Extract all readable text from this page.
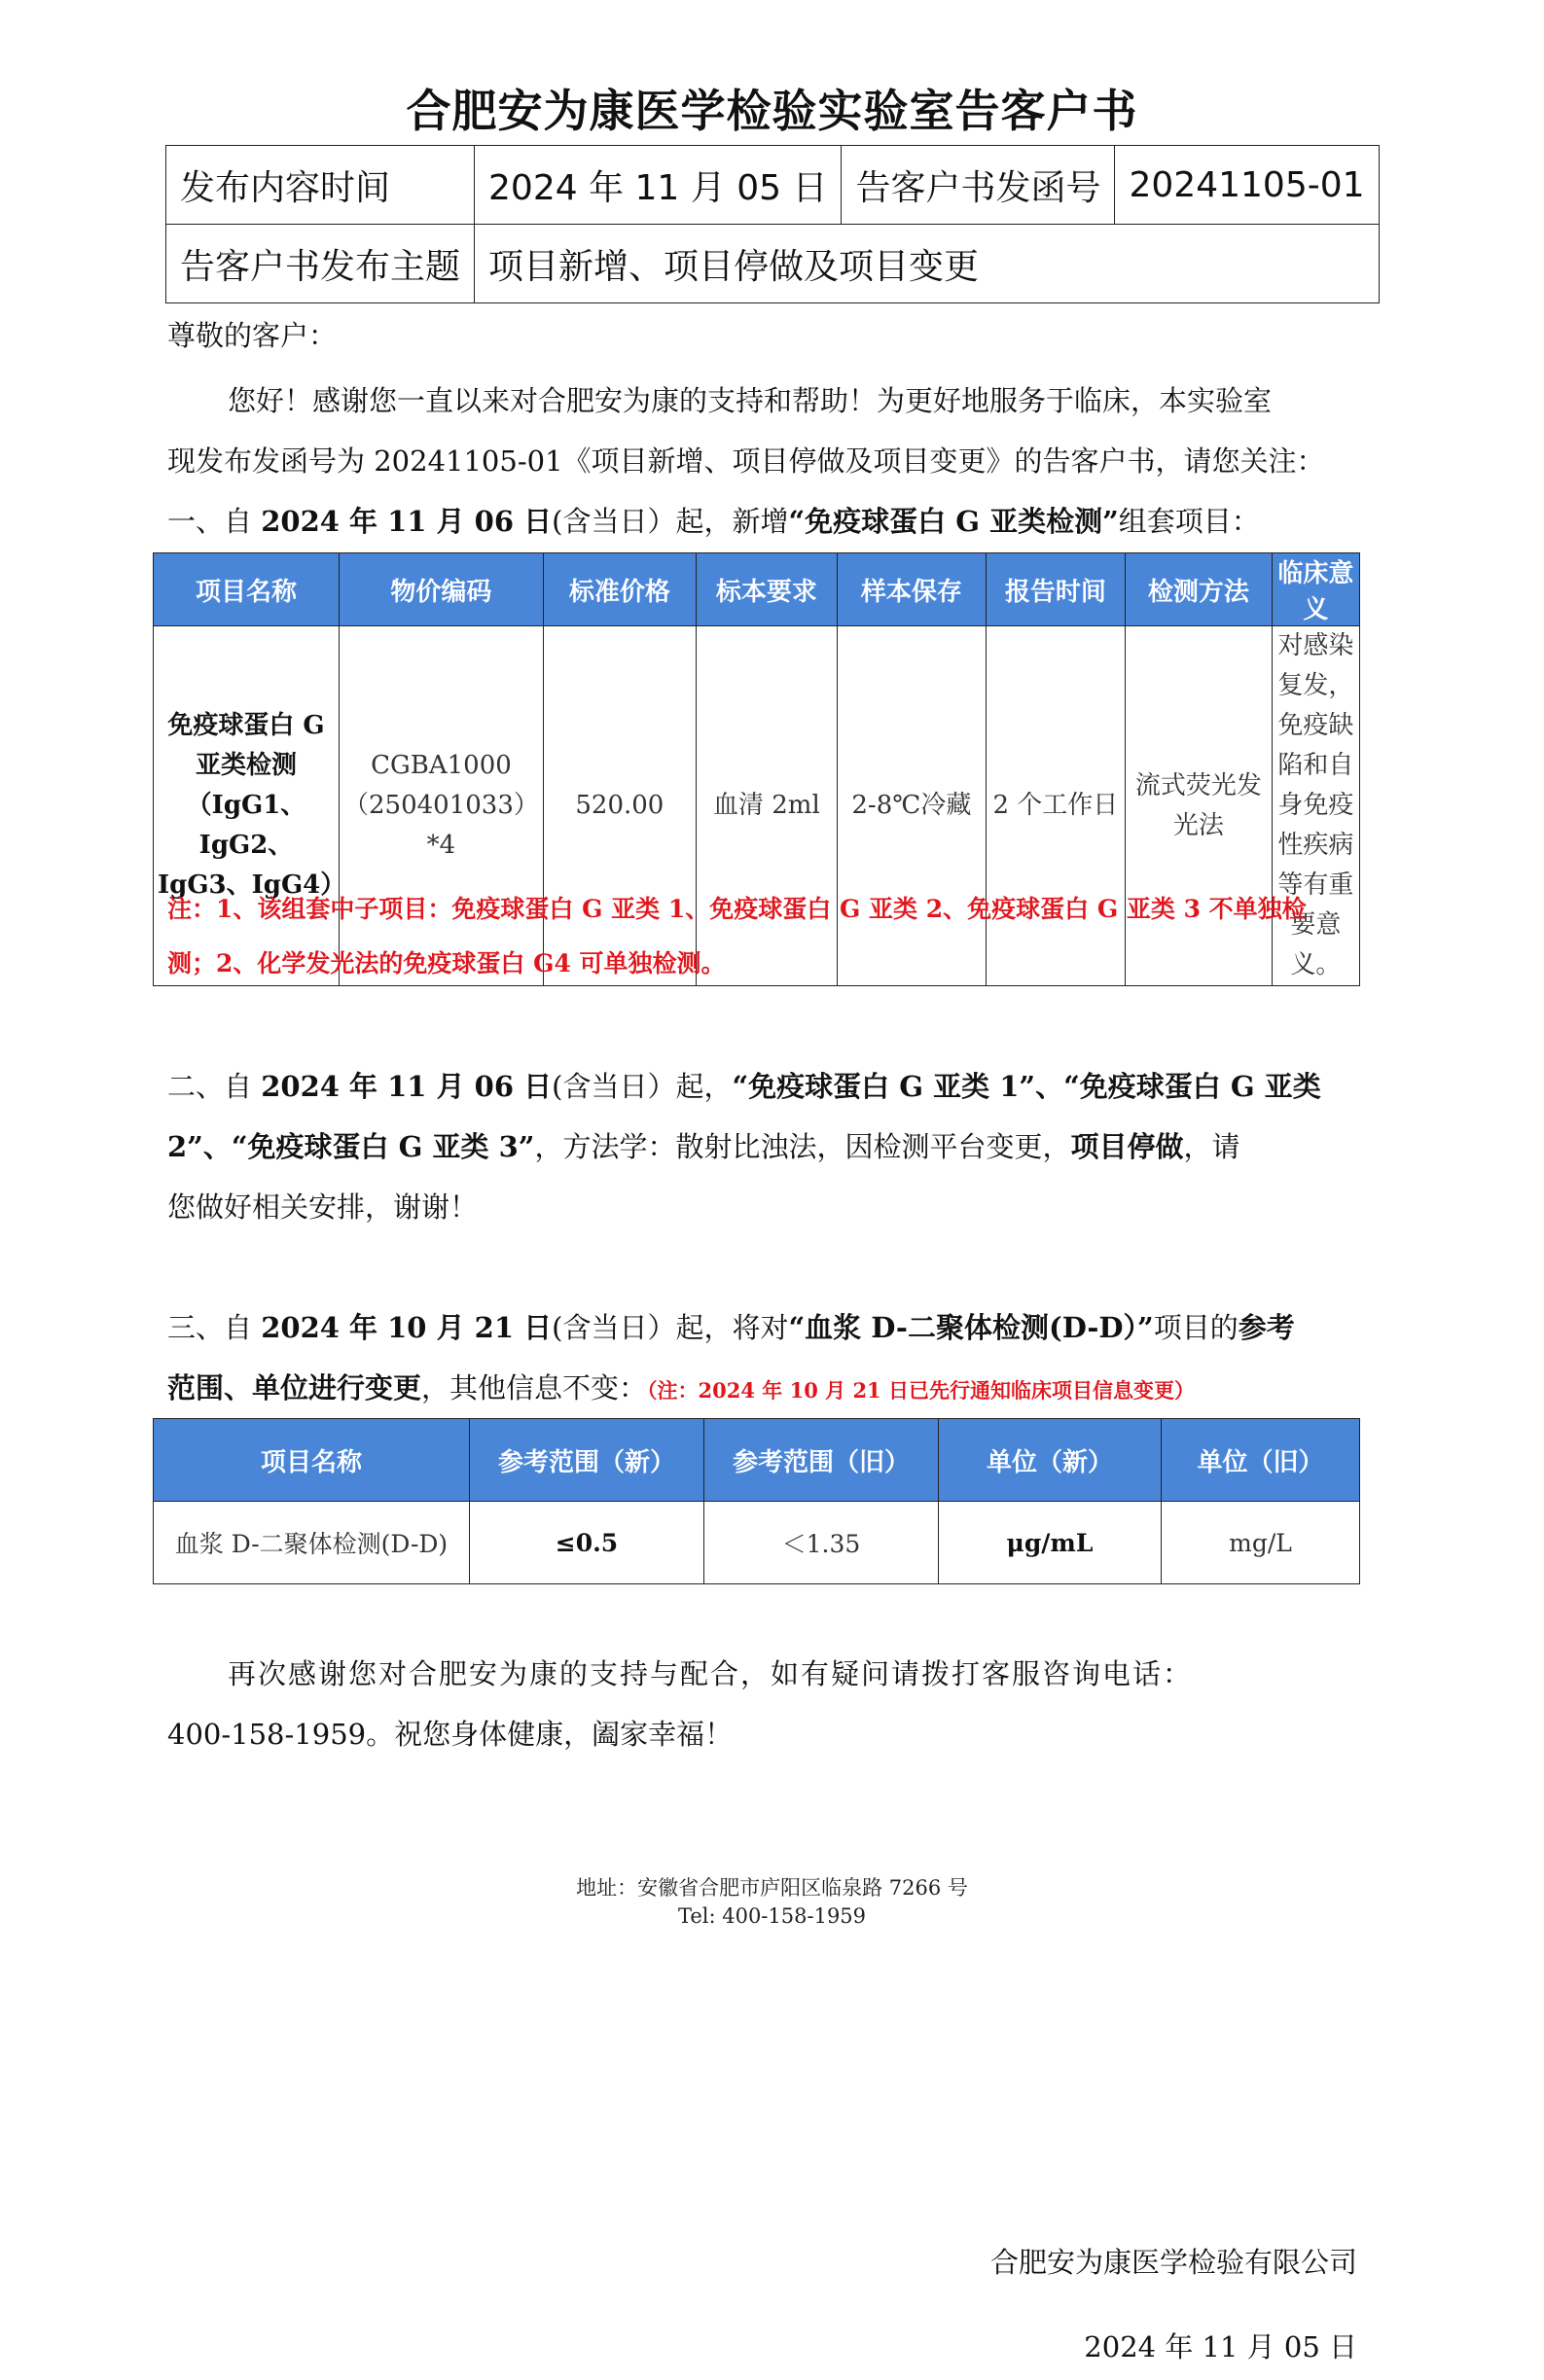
合肥安为康医学检验实验室告客户书
发布内容时间	2024 年 11 月 05 日	告客户书发函号	20241105-01
告客户书发布主题	项目新增、项目停做及项目变更		
尊敬的客户：
您好！感谢您一直以来对合肥安为康的支持和帮助！为更好地服务于临床，本实验室
现发布发函号为 20241105-01《项目新增、项目停做及项目变更》的告客户书，请您关注：
一、自 2024 年 11 月 06 日(含当日）起，新增“免疫球蛋白 G 亚类检测”组套项目：
项目名称	物价编码	标准价格	标本要求	样本保存	报告时间	检测方法	临床意义
免疫球蛋白 G 亚类检测（IgG1、IgG2、IgG3、IgG4）	CGBA1000（250401033）*4	520.00	血清 2ml	2-8℃冷藏	2 个工作日	流式荧光发光法	对感染复发，免疫缺陷和自身免疫性疾病等有重要意义。
注：1、该组套中子项目：免疫球蛋白 G 亚类 1、免疫球蛋白 G 亚类 2、免疫球蛋白 G 亚类 3 不单独检
测；2、化学发光法的免疫球蛋白 G4 可单独检测。
二、自 2024 年 11 月 06 日(含当日）起，“免疫球蛋白 G 亚类 1”、“免疫球蛋白 G 亚类
2”、“免疫球蛋白 G 亚类 3”，方法学：散射比浊法，因检测平台变更，项目停做，请
您做好相关安排，谢谢！
三、自 2024 年 10 月 21 日(含当日）起，将对“血浆 D-二聚体检测(D-D）”项目的参考
范围、单位进行变更，其他信息不变：（注：2024 年 10 月 21 日已先行通知临床项目信息变更）
项目名称	参考范围（新）	参考范围（旧）	单位（新）	单位（旧）
血浆 D-二聚体检测(D-D)	≤0.5	＜1.35	μg/mL	mg/L
再次感谢您对合肥安为康的支持与配合，如有疑问请拨打客服咨询电话：
400-158-1959。祝您身体健康，阖家幸福！
地址：安徽省合肥市庐阳区临泉路 7266 号
Tel: 400-158-1959
合肥安为康医学检验有限公司
2024 年 11 月 05 日
